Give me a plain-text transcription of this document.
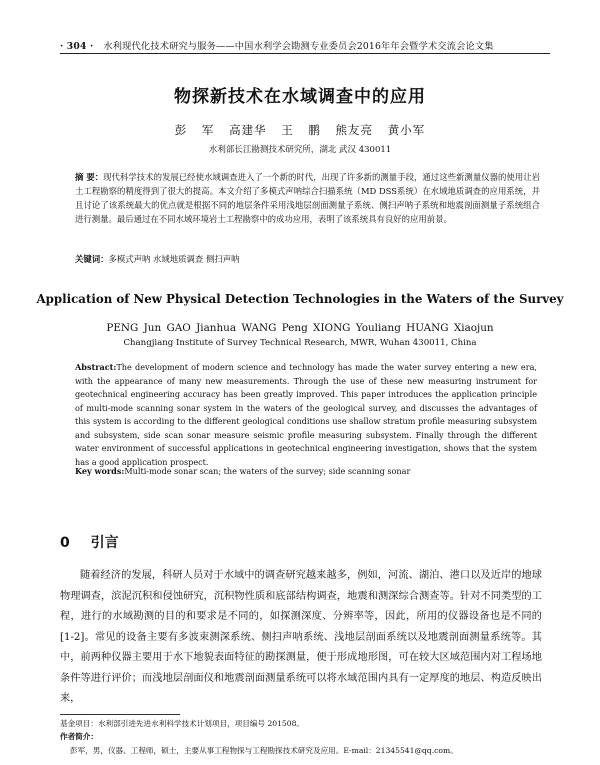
· 304 · 水利现代化技术研究与服务——中国水利学会勘测专业委员会2016年年会暨学术交流会论文集
物探新技术在水域调查中的应用
彭 军 高建华 王 鹏 熊友亮 黄小军
水利部长江勘测技术研究所，湖北 武汉 430011
摘 要：现代科学技术的发展已经使水域调查进入了一个新的时代，出现了许多新的测量手段，通过这些新测量仪器的使用让岩土工程勘察的精度得到了很大的提高。本文介绍了多模式声呐综合扫描系统（MD DSS系统）在水域地质调查的应用系统，并且讨论了该系统最大的优点就是根据不同的地层条件采用浅地层剖面测量子系统、侧扫声呐子系统和地震剖面测量子系统组合进行测量。最后通过在不同水域环境岩土工程勘察中的成功应用，表明了该系统具有良好的应用前景。
关键词：多模式声呐 水域地质调查 侧扫声呐
Application of New Physical Detection Technologies in the Waters of the Survey
PENG Jun GAO Jianhua WANG Peng XIONG Youliang HUANG Xiaojun
Changjiang Institute of Survey Technical Research, MWR, Wuhan 430011, China
Abstract:The development of modern science and technology has made the water survey entering a new era, with the appearance of many new measurements. Through the use of these new measuring instrument for geotechnical engineering accuracy has been greatly improved. This paper introduces the application principle of multi-mode scanning sonar system in the waters of the geological survey, and discusses the advantages of this system is according to the different geological conditions use shallow stratum profile measuring subsystem and subsystem, side scan sonar measure seismic profile measuring subsystem. Finally through the different water environment of successful applications in geotechnical engineering investigation, shows that the system has a good application prospect.
Key words:Multi-mode sonar scan; the waters of the survey; side scanning sonar
0 引言
随着经济的发展，科研人员对于水域中的调查研究越来越多，例如，河流、湖泊、港口以及近岸的地球物理调查，滨泥沉积和侵蚀研究，沉积物性质和底部结构调查，地震和测深综合测查等。针对不同类型的工程，进行的水域勘测的目的和要求是不同的，如探测深度、分辨率等，因此，所用的仪器设备也是不同的[1-2]。常见的设备主要有多波束测深系统、侧扫声呐系统、浅地层剖面系统以及地震剖面测量系统等。其中，前两种仪器主要用于水下地貌表面特征的勘探测量，便于形成地形图，可在较大区域范围内对工程场地条件等进行评价；而浅地层剖面仪和地震剖面测量系统可以将水域范围内具有一定厚度的地层、构造反映出来，
基金项目：水利部引进先进水利科学技术计划项目，项目编号 201508。
作者简介：
彭军，男，仪器、工程师，硕士，主要从事工程物探与工程勘探技术研究及应用。E-mail：21345541@qq.com。
